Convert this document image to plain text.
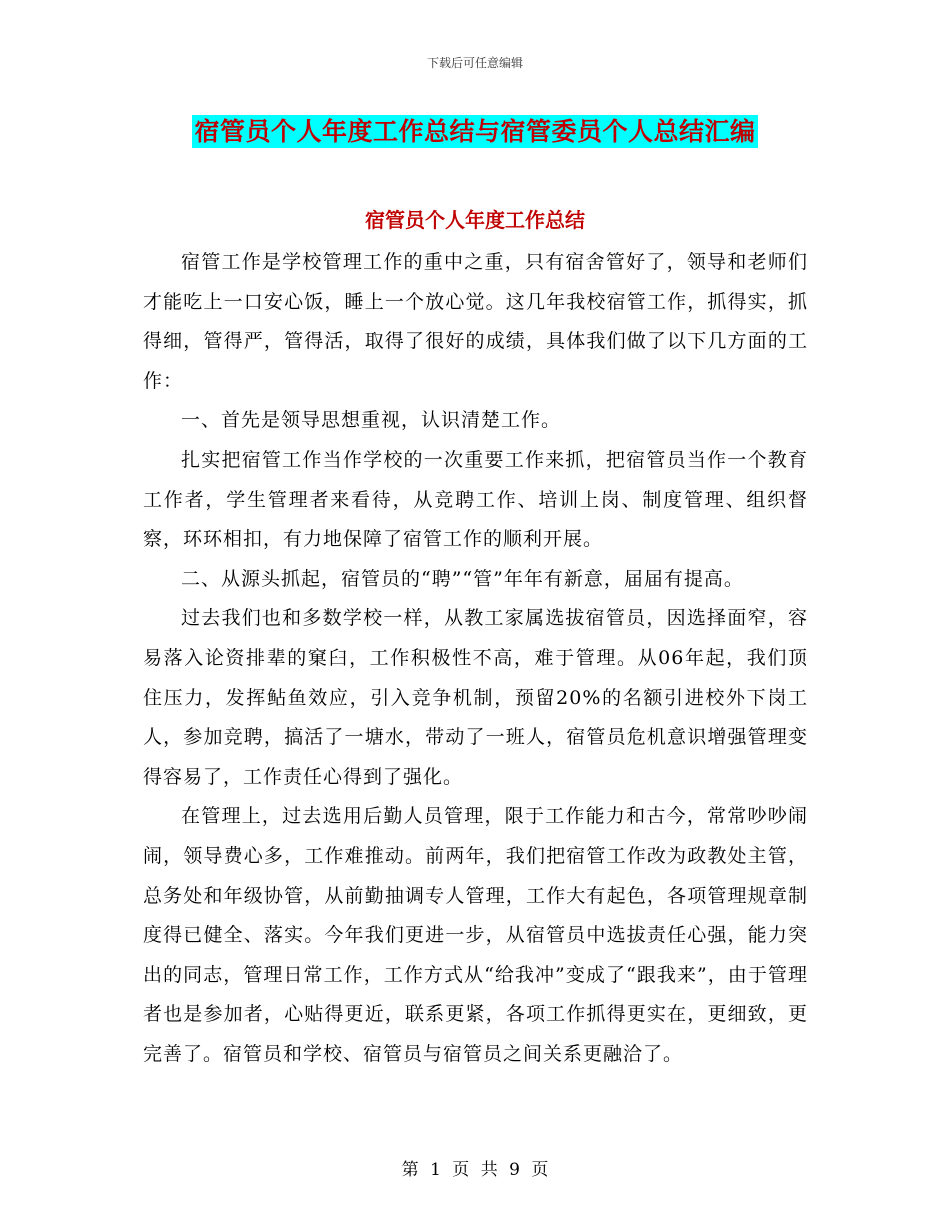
下载后可任意编辑
宿管员个人年度工作总结与宿管委员个人总结汇编
宿管员个人年度工作总结

宿管工作是学校管理工作的重中之重，只有宿舍管好了，领导和老师们才能吃上一口安心饭，睡上一个放心觉。这几年我校宿管工作，抓得实，抓得细，管得严，管得活，取得了很好的成绩，具体我们做了以下几方面的工作：

一、首先是领导思想重视，认识清楚工作。

扎实把宿管工作当作学校的一次重要工作来抓，把宿管员当作一个教育工作者，学生管理者来看待，从竞聘工作、培训上岗、制度管理、组织督察，环环相扣，有力地保障了宿管工作的顺利开展。

二、从源头抓起，宿管员的“聘”“管”年年有新意，届届有提高。

过去我们也和多数学校一样，从教工家属选拔宿管员，因选择面窄，容易落入论资排辈的窠臼，工作积极性不高，难于管理。从06年起，我们顶住压力，发挥鲇鱼效应，引入竞争机制，预留20%的名额引进校外下岗工人，参加竞聘，搞活了一塘水，带动了一班人，宿管员危机意识增强管理变得容易了，工作责任心得到了强化。

在管理上，过去选用后勤人员管理，限于工作能力和古今，常常吵吵闹闹，领导费心多，工作难推动。前两年，我们把宿管工作改为政教处主管，总务处和年级协管，从前勤抽调专人管理，工作大有起色，各项管理规章制度得已健全、落实。今年我们更进一步，从宿管员中选拔责任心强，能力突出的同志，管理日常工作，工作方式从“给我冲”变成了“跟我来”，由于管理者也是参加者，心贴得更近，联系更紧，各项工作抓得更实在，更细致，更完善了。宿管员和学校、宿管员与宿管员之间关系更融洽了。

第 1 页 共 9 页
